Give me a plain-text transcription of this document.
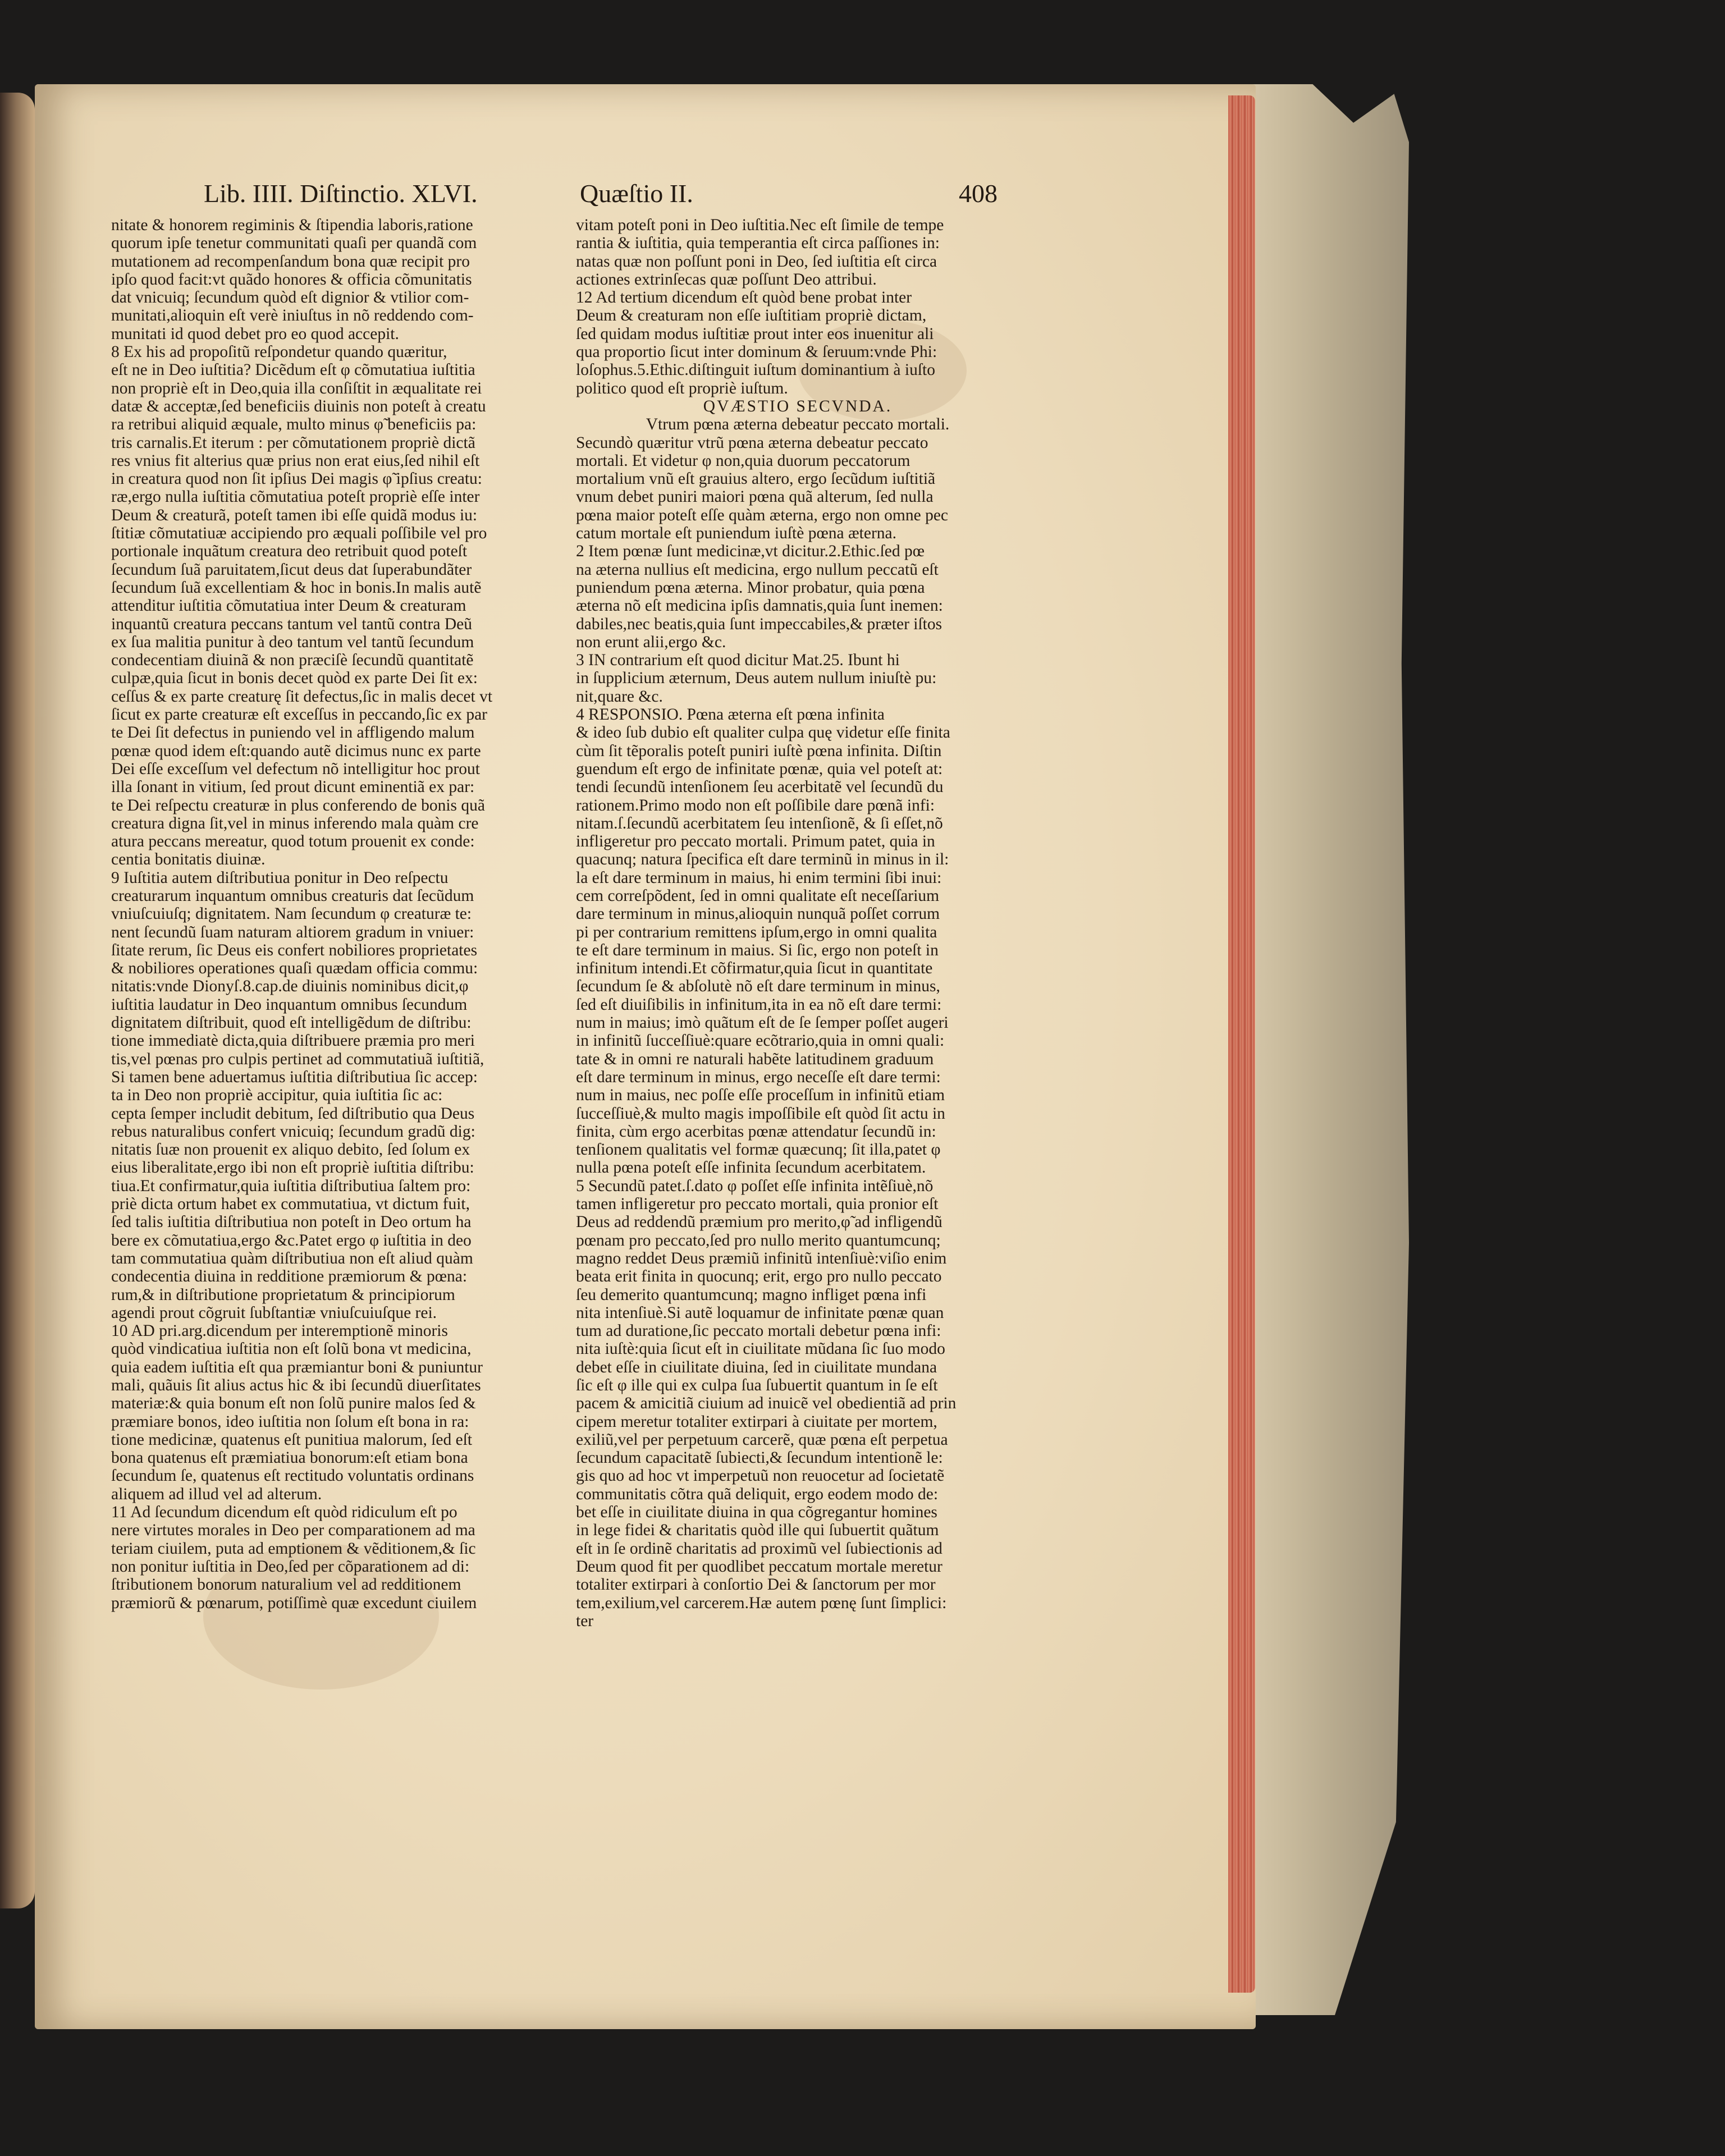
Lib. IIII. Diſtinctio. XLVI.	Quæſtio II.	408
nitate & honorem regiminis & ſtipendia laboris,ratione
quorum ipſe tenetur communitati quaſi per quandã com
mutationem ad recompenſandum bona quæ recipit pro
ipſo quod facit:vt quãdo honores & officia cõmunitatis
dat vnicuiq; ſecundum quòd eſt dignior & vtilior com-
munitati,alioquin eſt verè iniuſtus in nõ reddendo com-
munitati id quod debet pro eo quod accepit.
8 Ex his ad propoſitũ reſpondetur quando quæritur,
eſt ne in Deo iuſtitia? Dicẽdum eſt φ cõmutatiua iuſtitia
non propriè eſt in Deo,quia illa conſiſtit in æqualitate rei
datæ & acceptæ,ſed beneficiis diuinis non poteſt à creatu
ra retribui aliquid æquale, multo minus φ̃ beneficiis pa:
tris carnalis.Et iterum : per cõmutationem propriè dictã
res vnius fit alterius quæ prius non erat eius,ſed nihil eſt
in creatura quod non ſit ipſius Dei magis φ̃ ipſius creatu:
ræ,ergo nulla iuſtitia cõmutatiua poteſt propriè eſſe inter
Deum & creaturã, poteſt tamen ibi eſſe quidã modus iu:
ſtitiæ cõmutatiuæ accipiendo pro æquali poſſibile vel pro
portionale inquãtum creatura deo retribuit quod poteſt
ſecundum ſuã paruitatem,ſicut deus dat ſuperabundãter
ſecundum ſuã excellentiam & hoc in bonis.In malis autẽ
attenditur iuſtitia cõmutatiua inter Deum & creaturam
inquantũ creatura peccans tantum vel tantũ contra Deũ
ex ſua malitia punitur à deo tantum vel tantũ ſecundum
condecentiam diuinã & non præciſè ſecundũ quantitatẽ
culpæ,quia ſicut in bonis decet quòd ex parte Dei ſit ex:
ceſſus & ex parte creaturę ſit defectus,ſic in malis decet vt
ſicut ex parte creaturæ eſt exceſſus in peccando,ſic ex par
te Dei ſit defectus in puniendo vel in affligendo malum
pœnæ quod idem eſt:quando autẽ dicimus nunc ex parte
Dei eſſe exceſſum vel defectum nõ intelligitur hoc prout
illa ſonant in vitium, ſed prout dicunt eminentiã ex par:
te Dei reſpectu creaturæ in plus conferendo de bonis quã
creatura digna ſit,vel in minus inferendo mala quàm cre
atura peccans mereatur, quod totum prouenit ex conde:
centia bonitatis diuinæ.
9 Iuſtitia autem diſtributiua ponitur in Deo reſpectu
creaturarum inquantum omnibus creaturis dat ſecũdum
vniuſcuiuſq; dignitatem. Nam ſecundum φ creaturæ te:
nent ſecundũ ſuam naturam altiorem gradum in vniuer:
ſitate rerum, ſic Deus eis confert nobiliores proprietates
& nobiliores operationes quaſi quædam officia commu:
nitatis:vnde Dionyſ.8.cap.de diuinis nominibus dicit,φ
iuſtitia laudatur in Deo inquantum omnibus ſecundum
dignitatem diſtribuit, quod eſt intelligẽdum de diſtribu:
tione immediatè dicta,quia diſtribuere præmia pro meri
tis,vel pœnas pro culpis pertinet ad commutatiuã iuſtitiã,
Si tamen bene aduertamus iuſtitia diſtributiua ſic accep:
ta in Deo non propriè accipitur, quia iuſtitia ſic ac:
cepta ſemper includit debitum, ſed diſtributio qua Deus
rebus naturalibus confert vnicuiq; ſecundum gradũ dig:
nitatis ſuæ non prouenit ex aliquo debito, ſed ſolum ex
eius liberalitate,ergo ibi non eſt propriè iuſtitia diſtribu:
tiua.Et confirmatur,quia iuſtitia diſtributiua ſaltem pro:
priè dicta ortum habet ex commutatiua, vt dictum fuit,
ſed talis iuſtitia diſtributiua non poteſt in Deo ortum ha
bere ex cõmutatiua,ergo &c.Patet ergo φ iuſtitia in deo
tam commutatiua quàm diſtributiua non eſt aliud quàm
condecentia diuina in redditione præmiorum & pœna:
rum,& in diſtributione proprietatum & principiorum
agendi prout cõgruit ſubſtantiæ vniuſcuiuſque rei.
10 AD pri.arg.dicendum per interemptionẽ minoris
quòd vindicatiua iuſtitia non eſt ſolũ bona vt medicina,
quia eadem iuſtitia eſt qua præmiantur boni & puniuntur
mali, quãuis ſit alius actus hic & ibi ſecundũ diuerſitates
materiæ:& quia bonum eſt non ſolũ punire malos ſed &
præmiare bonos, ideo iuſtitia non ſolum eſt bona in ra:
tione medicinæ, quatenus eſt punitiua malorum, ſed eſt
bona quatenus eſt præmiatiua bonorum:eſt etiam bona
ſecundum ſe, quatenus eſt rectitudo voluntatis ordinans
aliquem ad illud vel ad alterum.
11 Ad ſecundum dicendum eſt quòd ridiculum eſt po
nere virtutes morales in Deo per comparationem ad ma
teriam ciuilem, puta ad emptionem & vẽditionem,& ſic
non ponitur iuſtitia in Deo,ſed per cõparationem ad di:
ſtributionem bonorum naturalium vel ad redditionem
præmiorũ & pœnarum, potiſſimè quæ excedunt ciuilem
vitam poteſt poni in Deo iuſtitia.Nec eſt ſimile de tempe
rantia & iuſtitia, quia temperantia eſt circa paſſiones in:
natas quæ non poſſunt poni in Deo, ſed iuſtitia eſt circa
actiones extrinſecas quæ poſſunt Deo attribui.
12 Ad tertium dicendum eſt quòd bene probat inter
Deum & creaturam non eſſe iuſtitiam propriè dictam,
ſed quidam modus iuſtitiæ prout inter eos inuenitur ali
qua proportio ſicut inter dominum & ſeruum:vnde Phi:
loſophus.5.Ethic.diſtinguit iuſtum dominantium à iuſto
politico quod eſt propriè iuſtum.
QVÆSTIO SECVNDA.
Vtrum pœna æterna debeatur peccato mortali.
Secundò quæritur vtrũ pœna æterna debeatur peccato
mortali. Et videtur φ non,quia duorum peccatorum
mortalium vnũ eſt grauius altero, ergo ſecũdum iuſtitiã
vnum debet puniri maiori pœna quã alterum, ſed nulla
pœna maior poteſt eſſe quàm æterna, ergo non omne pec
catum mortale eſt puniendum iuſtè pœna æterna.
2 Item pœnæ ſunt medicinæ,vt dicitur.2.Ethic.ſed pœ
na æterna nullius eſt medicina, ergo nullum peccatũ eſt
puniendum pœna æterna. Minor probatur, quia pœna
æterna nõ eſt medicina ipſis damnatis,quia ſunt inemen:
dabiles,nec beatis,quia ſunt impeccabiles,& præter iſtos
non erunt alii,ergo &c.
3 IN contrarium eſt quod dicitur Mat.25. Ibunt hi
in ſupplicium æternum, Deus autem nullum iniuſtè pu:
nit,quare &c.
4 RESPONSIO. Pœna æterna eſt pœna infinita
& ideo ſub dubio eſt qualiter culpa quę videtur eſſe finita
cùm ſit tẽporalis poteſt puniri iuſtè pœna infinita. Diſtin
guendum eſt ergo de infinitate pœnæ, quia vel poteſt at:
tendi ſecundũ intenſionem ſeu acerbitatẽ vel ſecundũ du
rationem.Primo modo non eſt poſſibile dare pœnã infi:
nitam.ſ.ſecundũ acerbitatem ſeu intenſionẽ, & ſi eſſet,nõ
infligeretur pro peccato mortali. Primum patet, quia in
quacunq; natura ſpecifica eſt dare terminũ in minus in il:
la eſt dare terminum in maius, hi enim termini ſibi inui:
cem correſpõdent, ſed in omni qualitate eſt neceſſarium
dare terminum in minus,alioquin nunquã poſſet corrum
pi per contrarium remittens ipſum,ergo in omni qualita
te eſt dare terminum in maius. Si ſic, ergo non poteſt in
infinitum intendi.Et cõfirmatur,quia ſicut in quantitate
ſecundum ſe & abſolutè nõ eſt dare terminum in minus,
ſed eſt diuiſibilis in infinitum,ita in ea nõ eſt dare termi:
num in maius; imò quãtum eſt de ſe ſemper poſſet augeri
in infinitũ ſucceſſiuè:quare ecõtrario,quia in omni quali:
tate & in omni re naturali habẽte latitudinem graduum
eſt dare terminum in minus, ergo neceſſe eſt dare termi:
num in maius, nec poſſe eſſe proceſſum in infinitũ etiam
ſucceſſiuè,& multo magis impoſſibile eſt quòd ſit actu in
finita, cùm ergo acerbitas pœnæ attendatur ſecundũ in:
tenſionem qualitatis vel formæ quæcunq; ſit illa,patet φ
nulla pœna poteſt eſſe infinita ſecundum acerbitatem.
5 Secundũ patet.ſ.dato φ poſſet eſſe infinita intẽſiuè,nõ
tamen infligeretur pro peccato mortali, quia pronior eſt
Deus ad reddendũ præmium pro merito,φ̃ ad infligendũ
pœnam pro peccato,ſed pro nullo merito quantumcunq;
magno reddet Deus præmiũ infinitũ intenſiuè:viſio enim
beata erit finita in quocunq; erit, ergo pro nullo peccato
ſeu demerito quantumcunq; magno infliget pœna infi
nita intenſiuè.Si autẽ loquamur de infinitate pœnæ quan
tum ad duratione,ſic peccato mortali debetur pœna infi:
nita iuſtè:quia ſicut eſt in ciuilitate mũdana ſic ſuo modo
debet eſſe in ciuilitate diuina, ſed in ciuilitate mundana
ſic eſt φ ille qui ex culpa ſua ſubuertit quantum in ſe eſt
pacem & amicitiã ciuium ad inuicẽ vel obedientiã ad prin
cipem meretur totaliter extirpari à ciuitate per mortem,
exiliũ,vel per perpetuum carcerẽ, quæ pœna eſt perpetua
ſecundum capacitatẽ ſubiecti,& ſecundum intentionẽ le:
gis quo ad hoc vt imperpetuũ non reuocetur ad ſocietatẽ
communitatis cõtra quã deliquit, ergo eodem modo de:
bet eſſe in ciuilitate diuina in qua cõgregantur homines
in lege fidei & charitatis quòd ille qui ſubuertit quãtum
eſt in ſe ordinẽ charitatis ad proximũ vel ſubiectionis ad
Deum quod fit per quodlibet peccatum mortale meretur
totaliter extirpari à conſortio Dei & ſanctorum per mor
tem,exilium,vel carcerem.Hæ autem pœnę ſunt ſimplici:
ter
